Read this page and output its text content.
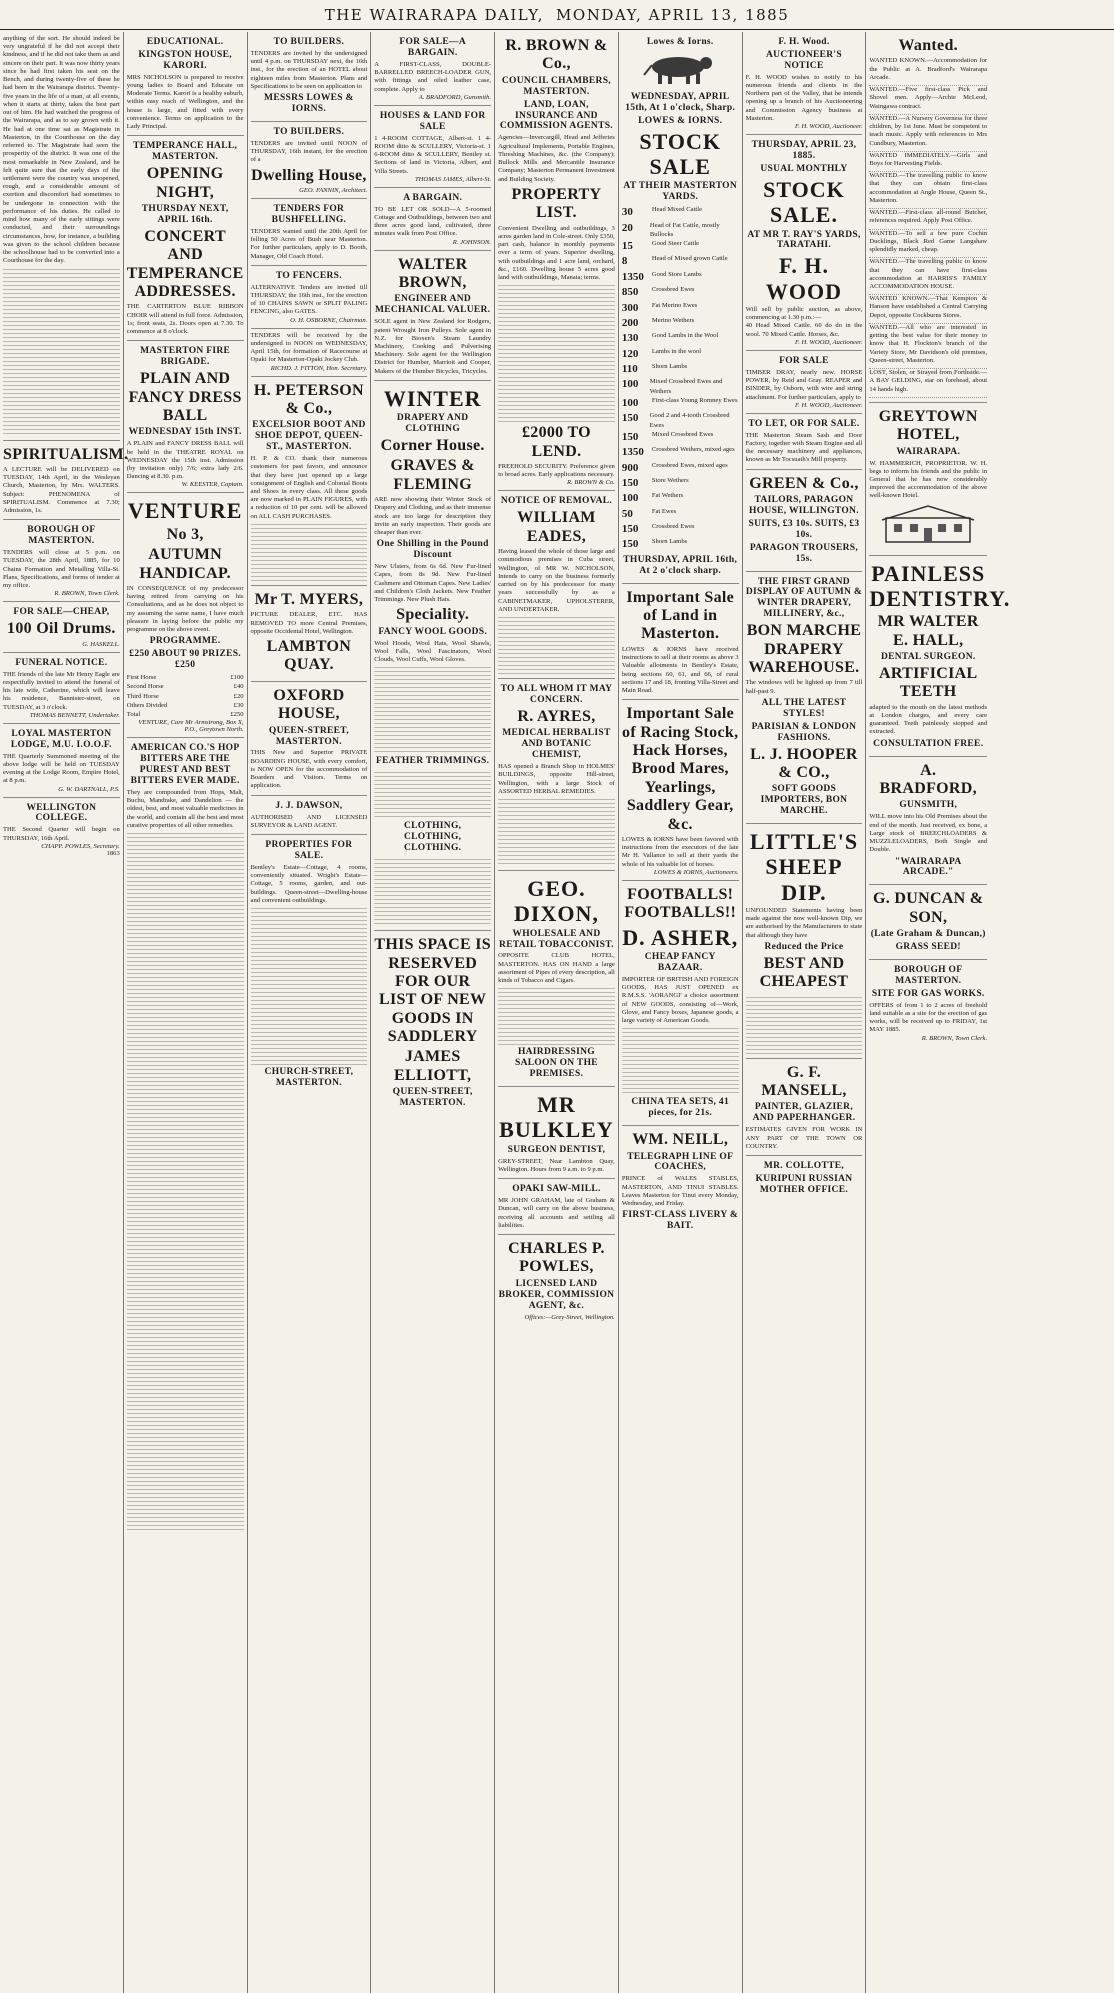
THE WAIRARAPA DAILY, MONDAY, APRIL 13, 1885

anything of the sort. He should indeed be very ungrateful if he did not accept their kindness, and if he did not take them as and sincere on their part. It was now thirty years since he had first taken his seat on the Bench, and during twenty-five of these he had been in the Wairarapa district. Twenty-five years in the life of a man, at all events, when it starts at thirty, takes the best part out of him. He had watched the progress of the Wairarapa, and as to say grown with it. He had at one time sat as Magistrate in Masterton, in the Courthouse on the day referred to. The Magistrate had seen the prosperity of the district. It was one of the most remarkable in New Zealand, and he felt quite sure that the early days of the settlement were the country was unopened, rough, and a considerable amount of exertion and discomfort had sometimes to be undergone in connection with the performance of his duties. He called to mind how many of the early sittings were conducted, and their surroundings circumstances, how, for instance, a building was given to the school children because the schoolhouse had to be converted into a Courthouse for the day.

SPIRITUALISM.

A LECTURE will be DELIVERED on TUESDAY, 14th April, in the Wesleyan Church, Masterton, by Mrs. WALTERS. Subject: PHENOMENA of SPIRITUALISM. Commence at 7.30; Admission, 1s.

BOROUGH OF MASTERTON.

TENDERS will close at 5 p.m. on TUESDAY, the 28th April, 1885, for 10 Chains Formation and Metalling Villa-St. Plans, Specifications, and forms of tender at my office.

R. BROWN, Town Clerk.
FOR SALE—CHEAP,
100 Oil Drums.
G. HASKELL.
FUNERAL NOTICE.

THE friends of the late Mr Henry Eagle are respectfully invited to attend the funeral of his late wife, Catherine, which will leave his residence, Bannister-street, on TUESDAY, at 3 o'clock.

THOMAS BENNETT, Undertaker.
LOYAL MASTERTON LODGE, M.U. I.O.O.F.

THE Quarterly Summoned meeting of the above lodge will be held on TUESDAY evening at the Lodge Room, Empire Hotel, at 8 p.m.

G. W. DARTNALL, P.S.
WELLINGTON COLLEGE.

THE Second Quarter will begin on THURSDAY, 16th April.

CHAPP. POWLES, Secretary.
1863
EDUCATIONAL.
KINGSTON HOUSE, KARORI.

MRS NICHOLSON is prepared to receive young ladies to Board and Educate on Moderate Terms. Karori is a healthy suburb, within easy reach of Wellington, and the house is large, and fitted with every convenience. Terms on application to the Lady Principal.

TEMPERANCE HALL, MASTERTON.
OPENING NIGHT,
THURSDAY NEXT, APRIL 16th.
CONCERT AND TEMPERANCE ADDRESSES.

THE CARTERTON BLUE RIBBON CHOIR will attend in full force. Admission, 1s; front seats, 2s. Doors open at 7.30. To commence at 8 o'clock.

MASTERTON FIRE BRIGADE.
PLAIN AND FANCY DRESS BALL
WEDNESDAY 15th INST.

A PLAIN and FANCY DRESS BALL will be held in the THEATRE ROYAL on WEDNESDAY the 15th inst. Admission (by invitation only) 7/6; extra lady 2/6. Dancing at 8.30. p.m.

W. KEESTER, Captain.
VENTURE
No 3,
AUTUMN HANDICAP.

IN CONSEQUENCE of my predecessor having retired from carrying on his Consultations, and as he does not object to my assuming the same name, I have much pleasure in laying before the public my programme on the above event.

PROGRAMME.
£250 ABOUT 90 PRIZES. £250
First Horse	£100
Second Horse	£40
Third Horse	£20
Others Divided	£30
Total	£250
VENTURE, Care Mr Armstrong, Box X, P.O., Greytown North.
AMERICAN CO.'S HOP BITTERS ARE THE PUREST AND BEST BITTERS EVER MADE.

They are compounded from Hops, Malt, Buchu, Mandrake, and Dandelion — the oldest, best, and most valuable medicines in the world, and contain all the best and most curative properties of all other remedies.

TO BUILDERS.

TENDERS are invited by the undersigned until 4 p.m. on THURSDAY next, the 16th inst., for the erection of an HOTEL about eighteen miles from Masterton. Plans and Specifications to be seen on application to

MESSRS LOWES & IORNS.
TO BUILDERS.

TENDERS are invited until NOON of THURSDAY, 16th instant, for the erection of a

Dwelling House,
GEO. FANNIN, Architect.
TENDERS FOR BUSHFELLING.

TENDERS wanted until the 20th April for felling 50 Acres of Bush near Masterton. For further particulars, apply to D. Booth, Manager, Old Coach Hotel.

TO FENCERS.

ALTERNATIVE Tenders are invited till THURSDAY, the 16th inst., for the erection of 10 CHAINS SAWN or SPLIT PALING FENCING, also GATES.

O. H. OSBORNE, Chairman.

TENDERS will be received by the undersigned to NOON on WEDNESDAY, April 15th, for formation of Racecourse at Opaki for Masterton-Opaki Jockey Club.

RICHD. J. FITTON, Hon. Secretary.
H. PETERSON & Co.,
EXCELSIOR BOOT AND SHOE DEPOT, QUEEN-ST., MASTERTON.

H. P. & CO. thank their numerous customers for past favors, and announce that they have just opened up a large consignment of English and Colonial Boots and Shoes in every class. All these goods are now marked in PLAIN FIGURES, with a reduction of 10 per cent. will be allowed on ALL CASH PURCHASES.

Mr T. MYERS,

PICTURE DEALER, ETC. HAS REMOVED TO more Central Premises, opposite Occidental Hotel, Wellington.

LAMBTON QUAY.
OXFORD HOUSE,
QUEEN-STREET, MASTERTON.

THIS New and Superior PRIVATE BOARDING HOUSE, with every comfort, is NOW OPEN for the accommodation of Boarders and Visitors. Terms on application.

J. J. DAWSON,

AUTHORISED AND LICENSED SURVEYOR & LAND AGENT.

PROPERTIES FOR SALE.

Bentley's Estate—Cottage, 4 rooms, conveniently situated. Wright's Estate—Cottage, 5 rooms, garden, and out-buildings. Queen-street—Dwelling-house and convenient outbuildings.

CHURCH-STREET, MASTERTON.
FOR SALE—A BARGAIN.

A FIRST-CLASS, DOUBLE-BARRELLED BREECH-LOADER GUN, with fittings and oiled leather case, complete. Apply to

A. BRADFORD, Gunsmith.
HOUSES & LAND FOR SALE

1 4-ROOM COTTAGE, Albert-st. 1 4-ROOM ditto & SCULLERY, Victoria-st. 1 6-ROOM ditto & SCULLERY, Bentley st. Sections of land in Victoria, Albert, and Villa Streets.

THOMAS JAMES, Albert-St.
A BARGAIN.

TO BE LET OR SOLD—A 5-roomed Cottage and Outbuildings, between two and three acres good land, cultivated, three minutes walk from Post Office.

R. JOHNSON.
WALTER BROWN,
ENGINEER AND MECHANICAL VALUER.

SOLE agent in New Zealand for Rodgers, patent Wrought Iron Pulleys. Sole agent in N.Z. for Bioxen's Steam Laundry Machinery, Cooking and Pulverising Machinery. Sole agent for the Wellington District for Humber, Marriott and Cooper, Makers of the Humber Bicycles, Tricycles.

WINTER
DRAPERY AND CLOTHING
Corner House.
GRAVES & FLEMING

ARE now showing their Winter Stock of Drapery and Clothing, and as their immense stock are too large for description they invite an early inspection. Their goods are cheaper than ever.

One Shilling in the Pound Discount

New Ulsters, from 6s 6d. New Fur-lined Capes, from 8s 9d. New Fur-lined Cashmere and Ottoman Capes. New Ladies' and Children's Cloth Jackets. New Feather Trimmings. New Plush Hats.

Speciality.
FANCY WOOL GOODS.

Wool Hoods, Wool Hats, Wool Shawls, Wool Falls, Wool Fascinators, Wool Clouds, Wool Cuffs, Wool Gloves.

FEATHER TRIMMINGS.
CLOTHING, CLOTHING, CLOTHING.
THIS SPACE IS RESERVED FOR OUR LIST OF NEW GOODS IN SADDLERY
JAMES ELLIOTT,
QUEEN-STREET, MASTERTON.
R. BROWN & Co.,
COUNCIL CHAMBERS, MASTERTON.
LAND, LOAN, INSURANCE AND COMMISSION AGENTS.

Agencies—Invercargill, Head and Jefferies Agricultural Implements, Portable Engines, Threshing Machines, &c. (the Company); Bullock Mills and Mercantile Insurance Company; Masterton Permanent Investment and Building Society.

PROPERTY LIST.

Convenient Dwelling and outbuildings, 3 acres garden land in Cole-street. Only £350, part cash, balance in monthly payments over a term of years. Superior dwelling, with outbuildings and 1 acre land, orchard, &c., £160. Dwelling house 5 acres good land with outbuildings, Manaia; terms.

£2000 TO LEND.

FREEHOLD SECURITY. Preference given to broad acres. Early applications necessary.

R. BROWN & Co.
NOTICE OF REMOVAL.
WILLIAM EADES,

Having leased the whole of those large and commodious premises in Cuba street, Wellington, of MR W. NICHOLSON, Intends to carry on the business formerly carried on by his predecessor for many years successfully by as a CABINETMAKER, UPHOLSTERER, AND UNDERTAKER.

TO ALL WHOM IT MAY CONCERN.
R. AYRES,
MEDICAL HERBALIST AND BOTANIC CHEMIST,

HAS opened a Branch Shop in HOLMES' BUILDINGS, opposite Hill-street, Wellington, with a large Stock of ASSORTED HERBAL REMEDIES.

GEO. DIXON,
WHOLESALE AND RETAIL TOBACCONIST.

OPPOSITE CLUB HOTEL, MASTERTON. HAS ON HAND a large assortment of Pipes of every description, all kinds of Tobacco and Cigars.

HAIRDRESSING SALOON ON THE PREMISES.
MR BULKLEY
SURGEON DENTIST,

GREY-STREET, Near Lambton Quay, Wellington. Hours from 9 a.m. to 9 p.m.

OPAKI SAW-MILL.

MR JOHN GRAHAM, late of Graham & Duncan, will carry on the above business, receiving all accounts and settling all liabilities.

CHARLES P. POWLES,
LICENSED LAND BROKER, COMMISSION AGENT, &c.
Offices:—Grey-Street, Wellington.
Lowes & Iorns.
WEDNESDAY, APRIL 15th, At 1 o'clock, Sharp.
LOWES & IORNS.
STOCK SALE
AT THEIR MASTERTON YARDS.
30	Head Mixed Cattle
20	Head of Fat Cattle, mostly Bullocks
15	Good Steer Cattle
8	Head of Mixed grown Cattle
1350	Good Store Lambs
850	Crossbred Ewes
300	Fat Merino Ewes
200	Merino Wethers
130	Good Lambs in the Wool
120	Lambs in the wool
110	Shorn Lambs
100	Mixed Crossbred Ewes and Wethers
100	First-class Young Romney Ewes
150	Good 2 and 4-tooth Crossbred Ewes
150	Mixed Crossbred Ewes
1350	Crossbred Wethers, mixed ages
900	Crossbred Ewes, mixed ages
150	Store Wethers
100	Fat Wethers
50	Fat Ewes
150	Crossbred Ewes
150	Shorn Lambs
THURSDAY, APRIL 16th, At 2 o'clock sharp.
Important Sale of Land in Masterton.

LOWES & IORNS have received instructions to sell at their rooms as above 3 Valuable allotments in Bentley's Estate, being sections 60, 61, and 66, of rural sections 17 and 18, fronting Villa-Street and Main Road.

Important Sale of Racing Stock, Hack Horses, Brood Mares, Yearlings, Saddlery Gear, &c.

LOWES & IORNS have been favored with instructions from the executors of the late Mr H. Vallance to sell at their yards the whole of his valuable lot of horses.

LOWES & IORNS, Auctioneers.
FOOTBALLS! FOOTBALLS!!
D. ASHER,
CHEAP FANCY BAZAAR.

IMPORTER OF BRITISH AND FOREIGN GOODS, HAS JUST OPENED ex R.M.S.S. 'AORANGI' a choice assortment of NEW GOODS, consisting of—Work, Glove, and Fancy boxes, Japanese goods, a large variety of American Goods.

CHINA TEA SETS, 41 pieces, for 21s.
WM. NEILL,
TELEGRAPH LINE OF COACHES,

PRINCE of WALES STABLES, MASTERTON, AND TINUI STABLES. Leaves Masterton for Tinui every Monday, Wednesday, and Friday.

FIRST-CLASS LIVERY & BAIT.
F. H. Wood.
AUCTIONEER'S NOTICE

F. H. WOOD wishes to notify to his numerous friends and clients in the Northern part of the Valley, that he intends opening up a branch of his Auctioneering and Commission Agency business at Masterton.

F. H. WOOD, Auctioneer.
THURSDAY, APRIL 23, 1885.
USUAL MONTHLY
STOCK SALE.
AT MR T. RAY'S YARDS, TARATAHI.
F. H. WOOD

Will sell by public auction, as above, commencing at 1.30 p.m.:—

40 Head Mixed Cattle. 60 do do in the wool. 70 Mixed Cattle. Horses, &c.

F. H. WOOD, Auctioneer.
FOR SALE

TIMBER DRAY, nearly new. HORSE POWER, by Reid and Gray. REAPER and BINDER, by Osborn, with wire and string attachment. For further particulars, apply to

F. H. WOOD, Auctioneer.
TO LET, OR FOR SALE.

THE Masterton Steam Sash and Door Factory, together with Steam Engine and all the necessary machinery and appliances, known as Mr Tocsuath's Mill property.

GREEN & Co.,
TAILORS, PARAGON HOUSE, WILLINGTON.
SUITS, £3 10s. SUITS, £3 10s.
PARAGON TROUSERS, 15s.
THE FIRST GRAND DISPLAY OF AUTUMN & WINTER DRAPERY, MILLINERY, &c.,
BON MARCHE DRAPERY WAREHOUSE.

The windows will be lighted up from 7 till half-past 9.

ALL THE LATEST STYLES!
PARISIAN & LONDON FASHIONS.
L. J. HOOPER & CO.,
SOFT GOODS IMPORTERS, BON MARCHE.
LITTLE'S SHEEP DIP.

UNFOUNDED Statements having been made against the now well-known Dip, we are authorised by the Manufacturers to state that although they have

Reduced the Price
BEST AND CHEAPEST
G. F. MANSELL,
PAINTER, GLAZIER, AND PAPERHANGER.

ESTIMATES GIVEN FOR WORK IN ANY PART OF THE TOWN OR COUNTRY.

MR. COLLOTTE,
KURIPUNI RUSSIAN MOTHER OFFICE.
Wanted.

WANTED KNOWN.—Accommodation for the Public at A. Bradford's Wairarapa Arcade.

WANTED.—Five first-class Pick and Shovel men. Apply—Archie McLeod, Waingawa contract.

WANTED.—A Nursery Governess for three children, by 1st June. Must be competent to teach music. Apply with references to Mrs Cundbury, Masterton.

WANTED IMMEDIATELY.—Girls and Boys for Harvesting Fields.

WANTED.—The travelling public to know that they can obtain first-class accommodation at Angle House, Queen St., Masterton.

WANTED.—First-class all-round Butcher, references required. Apply Post Office.

WANTED.—To sell a few pure Cochin Ducklings, Black Red Game Langshaw splendidly marked, cheap.

WANTED.—The travelling public to know that they can have first-class accommodation at HARRIS'S FAMILY ACCOMMODATION HOUSE.

WANTED KNOWN.—That Kempton & Hanson have established a Central Carrying Depot, opposite Cockburns Stores.

WANTED.—All who are interested in getting the best value for their money to know that H. Flockton's branch of the Variety Store, Mr Davidson's old premises, Queen-street, Masterton.

LOST, Stolen, or Strayed from Forthside.—A BAY GELDING, star on forehead, about 14 hands high.

GREYTOWN HOTEL,
WAIRARAPA.

W. HAMMERICH, PROPRIETOR. W. H. begs to inform his friends and the public in General that he has now considerably improved the accommodation of the above well-known Hotel.

PAINLESS DENTISTRY.
MR WALTER E. HALL,
DENTAL SURGEON.
ARTIFICIAL TEETH

adapted to the mouth on the latest methods at London charges, and every care guaranteed. Teeth painlessly stopped and extracted.

CONSULTATION FREE.
A. BRADFORD,
GUNSMITH,

WILL move into his Old Premises about the end of the month. Just received, ex bone, a Large stock of BREECHLOADERS & MUZZLELOADERS, Both Single and Double.

"WAIRARAPA ARCADE."
G. DUNCAN & SON,
(Late Graham & Duncan,)
GRASS SEED!
BOROUGH OF MASTERTON.
SITE FOR GAS WORKS.

OFFERS of from 1 to 2 acres of freehold land suitable as a site for the erection of gas works, will be received up to FRIDAY, 1st MAY 1885.

R. BROWN, Town Clerk.
